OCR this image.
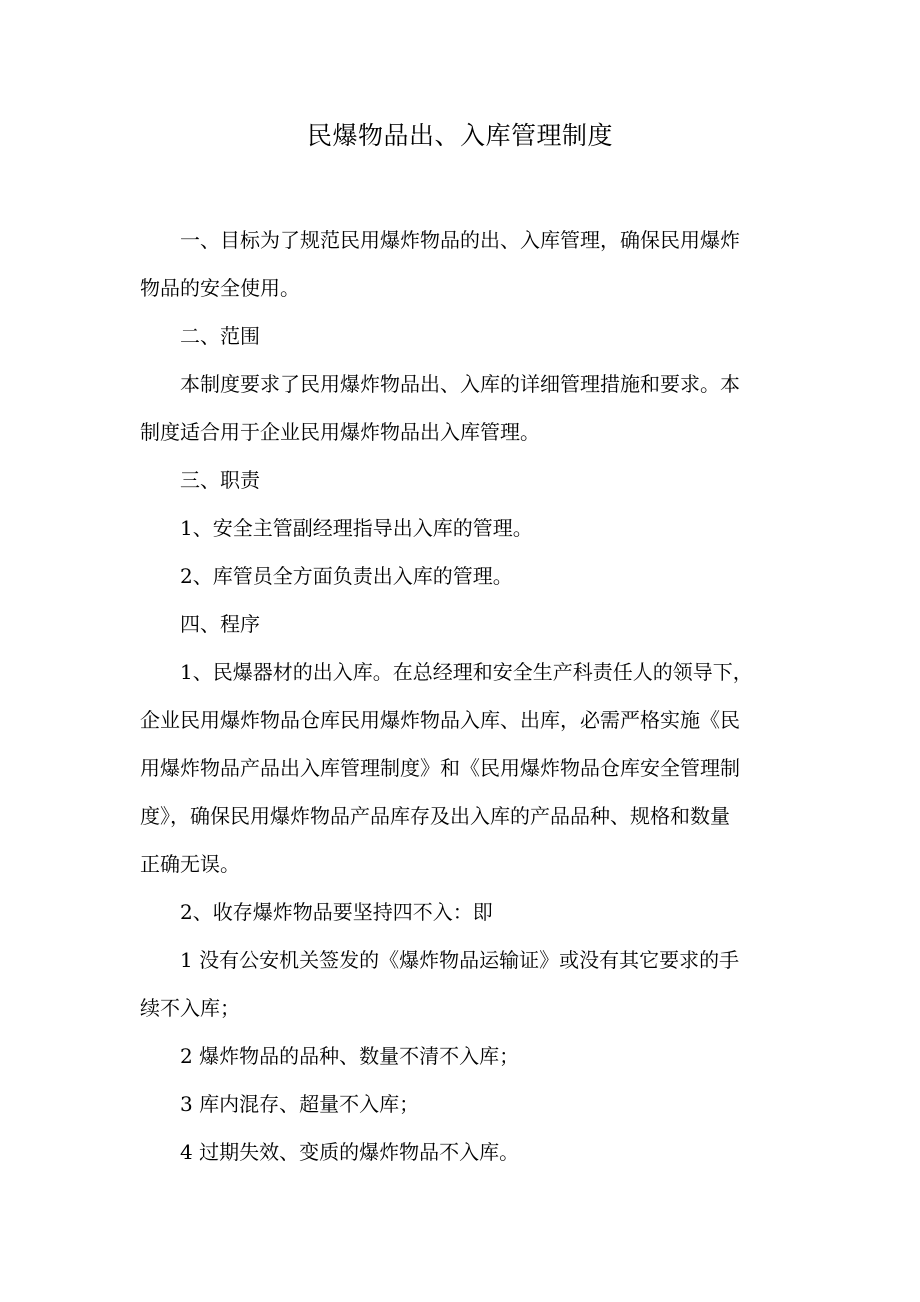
民爆物品出、入库管理制度

一、目标为了规范民用爆炸物品的出、入库管理，确保民用爆炸
物品的安全使用。

二、范围

本制度要求了民用爆炸物品出、入库的详细管理措施和要求。本
制度适合用于企业民用爆炸物品出入库管理。

三、职责

1、安全主管副经理指导出入库的管理。

2、库管员全方面负责出入库的管理。

四、程序

1、民爆器材的出入库。在总经理和安全生产科责任人的领导下，
企业民用爆炸物品仓库民用爆炸物品入库、出库，必需严格实施《民
用爆炸物品产品出入库管理制度》和《民用爆炸物品仓库安全管理制
度》，确保民用爆炸物品产品库存及出入库的产品品种、规格和数量
正确无误。

2、收存爆炸物品要坚持四不入：即

1 没有公安机关签发的《爆炸物品运输证》或没有其它要求的手
续不入库；

2 爆炸物品的品种、数量不清不入库；

3 库内混存、超量不入库；

4 过期失效、变质的爆炸物品不入库。
